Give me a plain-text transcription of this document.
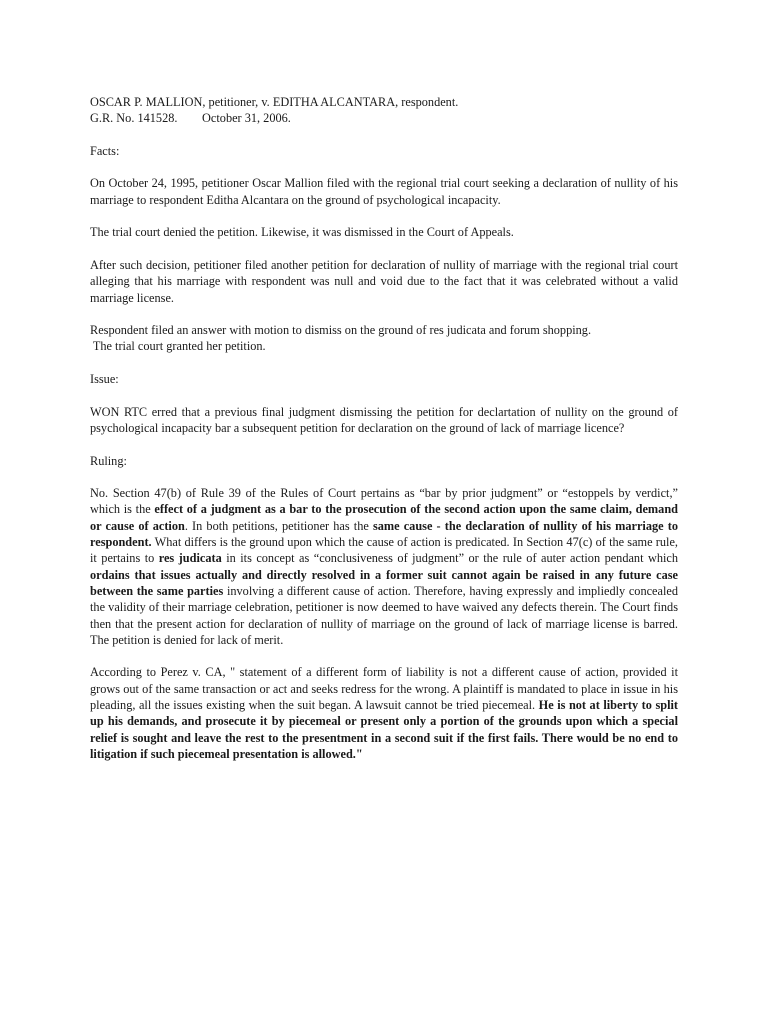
OSCAR P. MALLION, petitioner, v. EDITHA ALCANTARA, respondent.

G.R. No. 141528. October 31, 2006.

Facts:

On October 24, 1995, petitioner Oscar Mallion filed with the regional trial court seeking a declaration of nullity of his marriage to respondent Editha Alcantara on the ground of psychological incapacity.

The trial court denied the petition. Likewise, it was dismissed in the Court of Appeals.

After such decision, petitioner filed another petition for declaration of nullity of marriage with the regional trial court alleging that his marriage with respondent was null and void due to the fact that it was celebrated without a valid marriage license.

Respondent filed an answer with motion to dismiss on the ground of res judicata and forum shopping.

The trial court granted her petition.

Issue:

WON RTC erred that a previous final judgment dismissing the petition for declartation of nullity on the ground of psychological incapacity bar a subsequent petition for declaration on the ground of lack of marriage licence?

Ruling:

No. Section 47(b) of Rule 39 of the Rules of Court pertains as “bar by prior judgment” or “estoppels by verdict,” which is the effect of a judgment as a bar to the prosecution of the second action upon the same claim, demand or cause of action. In both petitions, petitioner has the same cause - the declaration of nullity of his marriage to respondent. What differs is the ground upon which the cause of action is predicated. In Section 47(c) of the same rule, it pertains to res judicata in its concept as “conclusiveness of judgment” or the rule of auter action pendant which ordains that issues actually and directly resolved in a former suit cannot again be raised in any future case between the same parties involving a different cause of action. Therefore, having expressly and impliedly concealed the validity of their marriage celebration, petitioner is now deemed to have waived any defects therein. The Court finds then that the present action for declaration of nullity of marriage on the ground of lack of marriage license is barred. The petition is denied for lack of merit.

According to Perez v. CA, " statement of a different form of liability is not a different cause of action, provided it grows out of the same transaction or act and seeks redress for the wrong. A plaintiff is mandated to place in issue in his pleading, all the issues existing when the suit began. A lawsuit cannot be tried piecemeal. He is not at liberty to split up his demands, and prosecute it by piecemeal or present only a portion of the grounds upon which a special relief is sought and leave the rest to the presentment in a second suit if the first fails. There would be no end to litigation if such piecemeal presentation is allowed."
